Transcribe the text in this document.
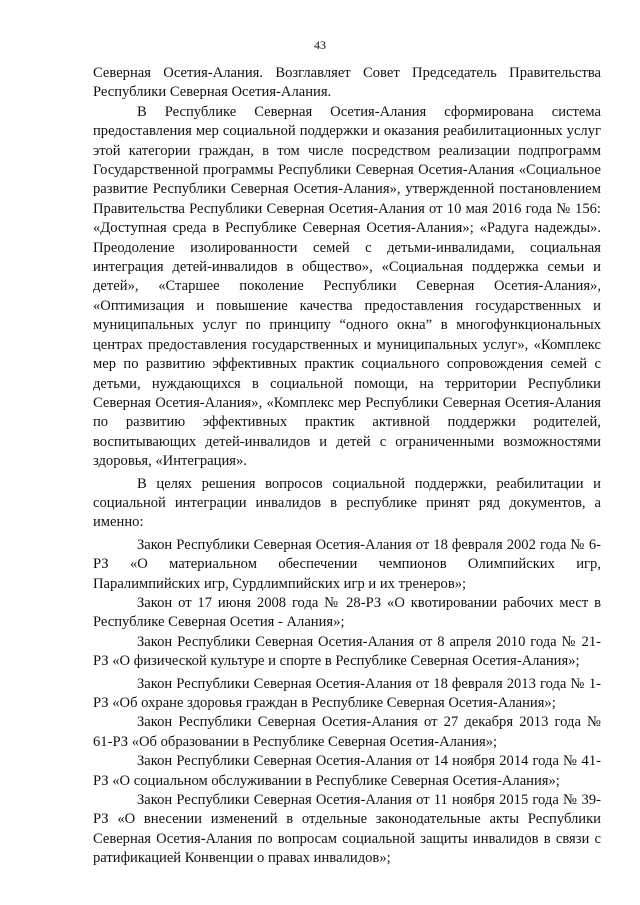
43

Северная Осетия-Алания. Возглавляет Совет Председатель Правительства Республики Северная Осетия-Алания.

В Республике Северная Осетия-Алания сформирована система предоставления мер социальной поддержки и оказания реабилитационных услуг этой категории граждан, в том числе посредством реализации подпрограмм Государственной программы Республики Северная Осетия-Алания «Социальное развитие Республики Северная Осетия-Алания», утвержденной постановлением Правительства Республики Северная Осетия-Алания от 10 мая 2016 года № 156: «Доступная среда в Республике Северная Осетия-Алания»; «Радуга надежды». Преодоление изолированности семей с детьми-инвалидами, социальная интеграция детей-инвалидов в общество», «Социальная поддержка семьи и детей», «Старшее поколение Республики Северная Осетия-Алания», «Оптимизация и повышение качества предоставления государственных и муниципальных услуг по принципу “одного окна” в многофункциональных центрах предоставления государственных и муниципальных услуг», «Комплекс мер по развитию эффективных практик социального сопровождения семей с детьми, нуждающихся в социальной помощи, на территории Республики Северная Осетия-Алания», «Комплекс мер Республики Северная Осетия-Алания по развитию эффективных практик активной поддержки родителей, воспитывающих детей-инвалидов и детей с ограниченными возможностями здоровья, «Интеграция».

В целях решения вопросов социальной поддержки, реабилитации и социальной интеграции инвалидов в республике принят ряд документов, а именно:

Закон Республики Северная Осетия-Алания от 18 февраля 2002 года № 6-РЗ «О материальном обеспечении чемпионов Олимпийских игр, Паралимпийских игр, Сурдлимпийских игр и их тренеров»;

Закон от 17 июня 2008 года № 28-РЗ «О квотировании рабочих мест в Республике Северная Осетия - Алания»;

Закон Республики Северная Осетия-Алания от 8 апреля 2010 года № 21-РЗ «О физической культуре и спорте в Республике Северная Осетия-Алания»;

Закон Республики Северная Осетия-Алания от 18 февраля 2013 года № 1-РЗ «Об охране здоровья граждан в Республике Северная Осетия-Алания»;

Закон Республики Северная Осетия-Алания от 27 декабря 2013 года № 61-РЗ «Об образовании в Республике Северная Осетия-Алания»;

Закон Республики Северная Осетия-Алания от 14 ноября 2014 года № 41-РЗ «О социальном обслуживании в Республике Северная Осетия-Алания»;

Закон Республики Северная Осетия-Алания от 11 ноября 2015 года № 39-РЗ «О внесении изменений в отдельные законодательные акты Республики Северная Осетия-Алания по вопросам социальной защиты инвалидов в связи с ратификацией Конвенции о правах инвалидов»;
